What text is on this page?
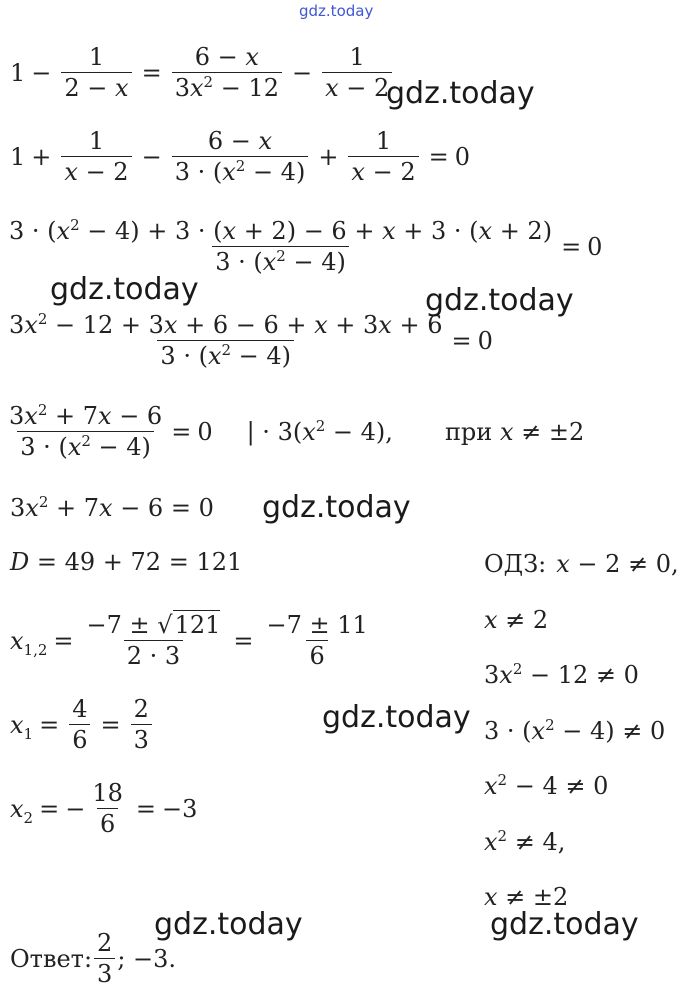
gdz.today
$1 - \frac{1}{2 - x} = \frac{6 - x}{3x^2 - 12} - \frac{1}{x - 2}$
$1 + \frac{1}{x - 2} - \frac{6 - x}{3 \cdot (x^2 - 4)} + \frac{1}{x - 2} = 0$
$\frac{3 \cdot (x^2 - 4) + 3 \cdot (x + 2) - 6 + x + 3 \cdot (x + 2)}{3 \cdot (x^2 - 4)} = 0$
$\frac{3x^2 - 12 + 3x + 6 - 6 + x + 3x + 6}{3 \cdot (x^2 - 4)} = 0$
$\frac{3x^2 + 7x - 6}{3 \cdot (x^2 - 4)} = 0$ | · $3(x^2 - 4)$, при x ≠ ±2
$3x^2 + 7x - 6 = 0$
D = 49 + 72 = 121
$x_{1,2} = \frac{-7 \pm √121}{2 \cdot 3} = \frac{-7 \pm 11}{6}$
$x_1 = \frac{4}{6} = \frac{2}{3}$
$x_2$ = − $\frac{18}{6} = -3$
ОДЗ: x − 2 ≠ 0,
x ≠ 2
$3x^2 - 12 \ne 0$
$3 \cdot (x^2 - 4) \ne 0$
$x^2 - 4 \ne 0$
$x^2 \ne 4$,
x ≠ ±2
Ответ: $\frac{2}{3}$ ; −3.
gdz.today
gdz.today	gdz.today
gdz.today
gdz.today
gdz.today	gdz.today
